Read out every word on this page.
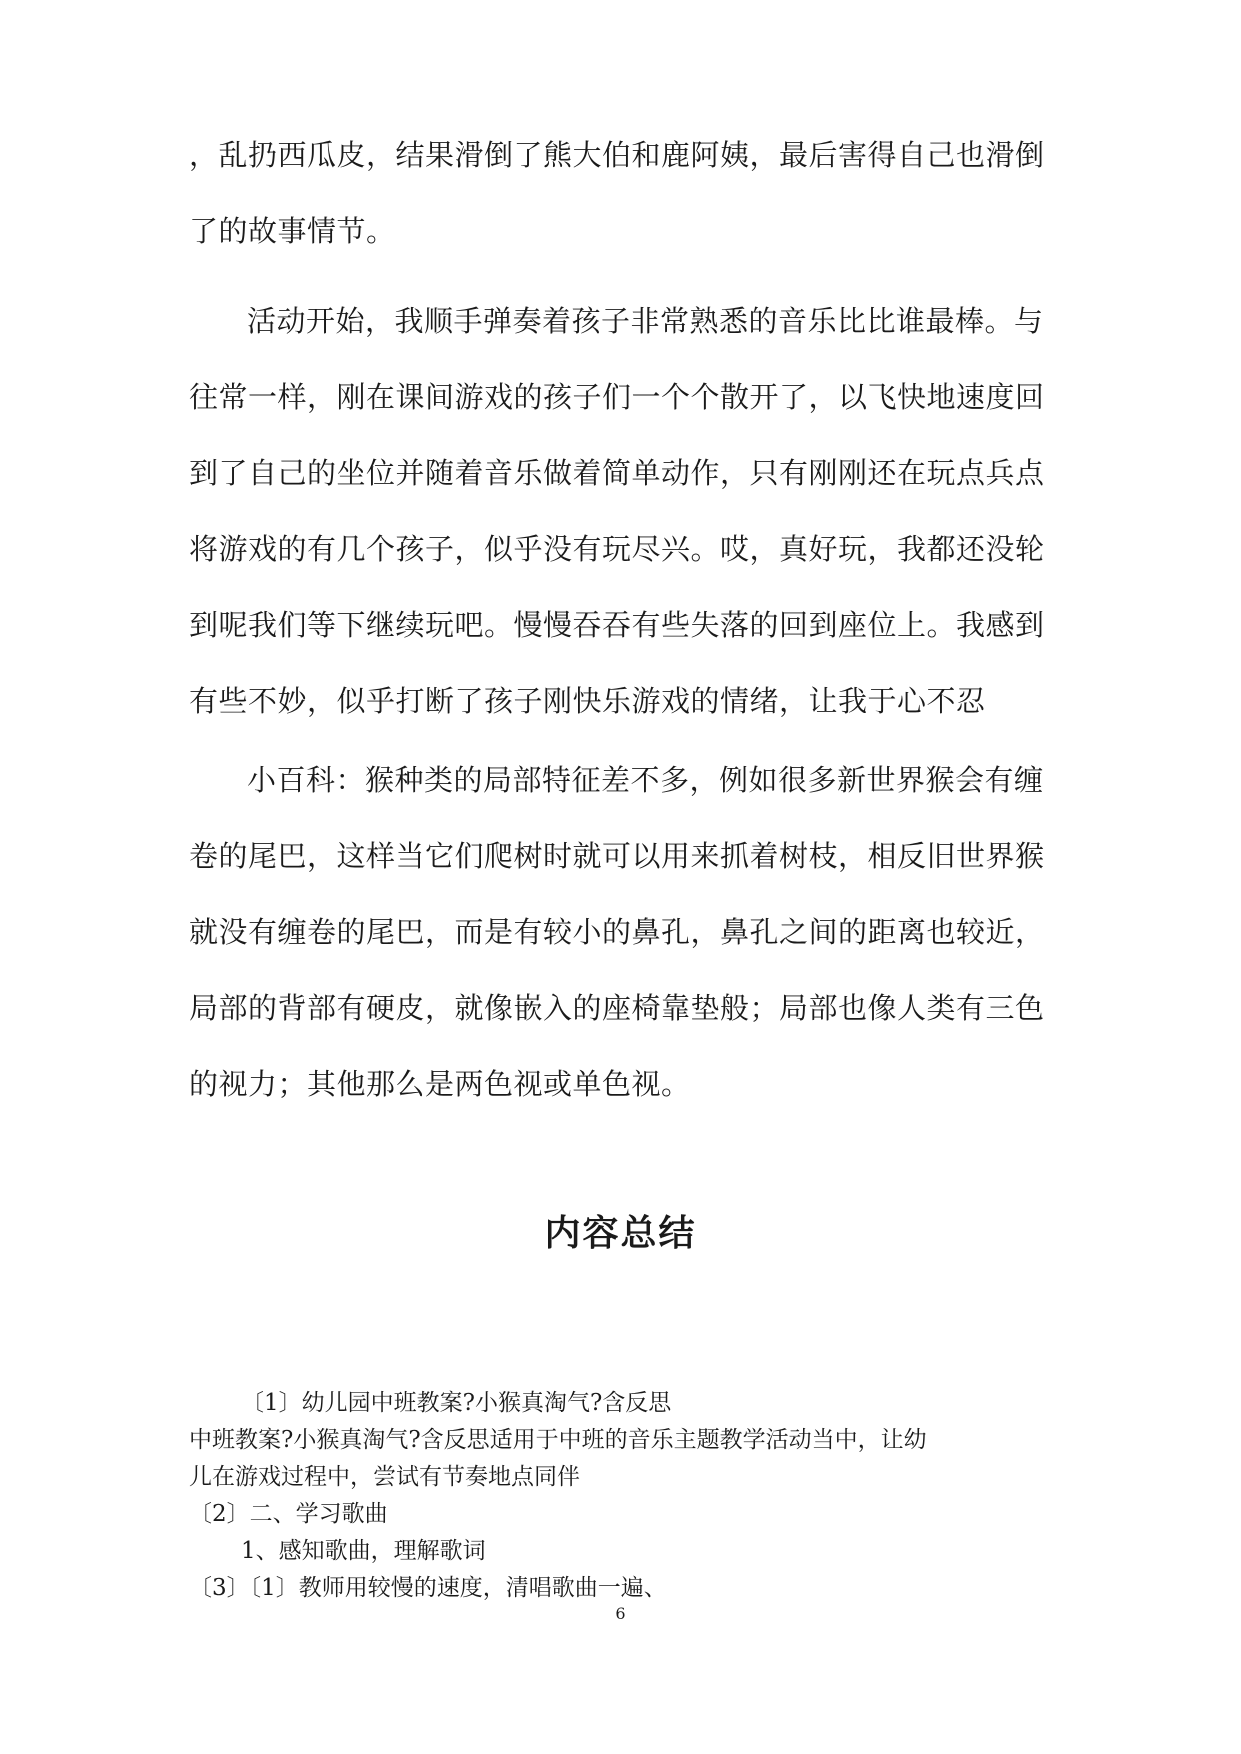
，乱扔西瓜皮，结果滑倒了熊大伯和鹿阿姨，最后害得自己也滑倒
了的故事情节。
活动开始，我顺手弹奏着孩子非常熟悉的音乐比比谁最棒。与
往常一样，刚在课间游戏的孩子们一个个散开了，以飞快地速度回
到了自己的坐位并随着音乐做着简单动作，只有刚刚还在玩点兵点
将游戏的有几个孩子，似乎没有玩尽兴。哎，真好玩，我都还没轮
到呢我们等下继续玩吧。慢慢吞吞有些失落的回到座位上。我感到
有些不妙，似乎打断了孩子刚快乐游戏的情绪，让我于心不忍
小百科：猴种类的局部特征差不多，例如很多新世界猴会有缠
卷的尾巴，这样当它们爬树时就可以用来抓着树枝，相反旧世界猴
就没有缠卷的尾巴，而是有较小的鼻孔，鼻孔之间的距离也较近，
局部的背部有硬皮，就像嵌入的座椅靠垫般；局部也像人类有三色
的视力；其他那么是两色视或单色视。
内容总结
〔1〕幼儿园中班教案?小猴真淘气?含反思
中班教案?小猴真淘气?含反思适用于中班的音乐主题教学活动当中，让幼
儿在游戏过程中，尝试有节奏地点同伴
〔2〕二、学习歌曲
1、感知歌曲，理解歌词
〔3〕〔1〕教师用较慢的速度，清唱歌曲一遍、
6
